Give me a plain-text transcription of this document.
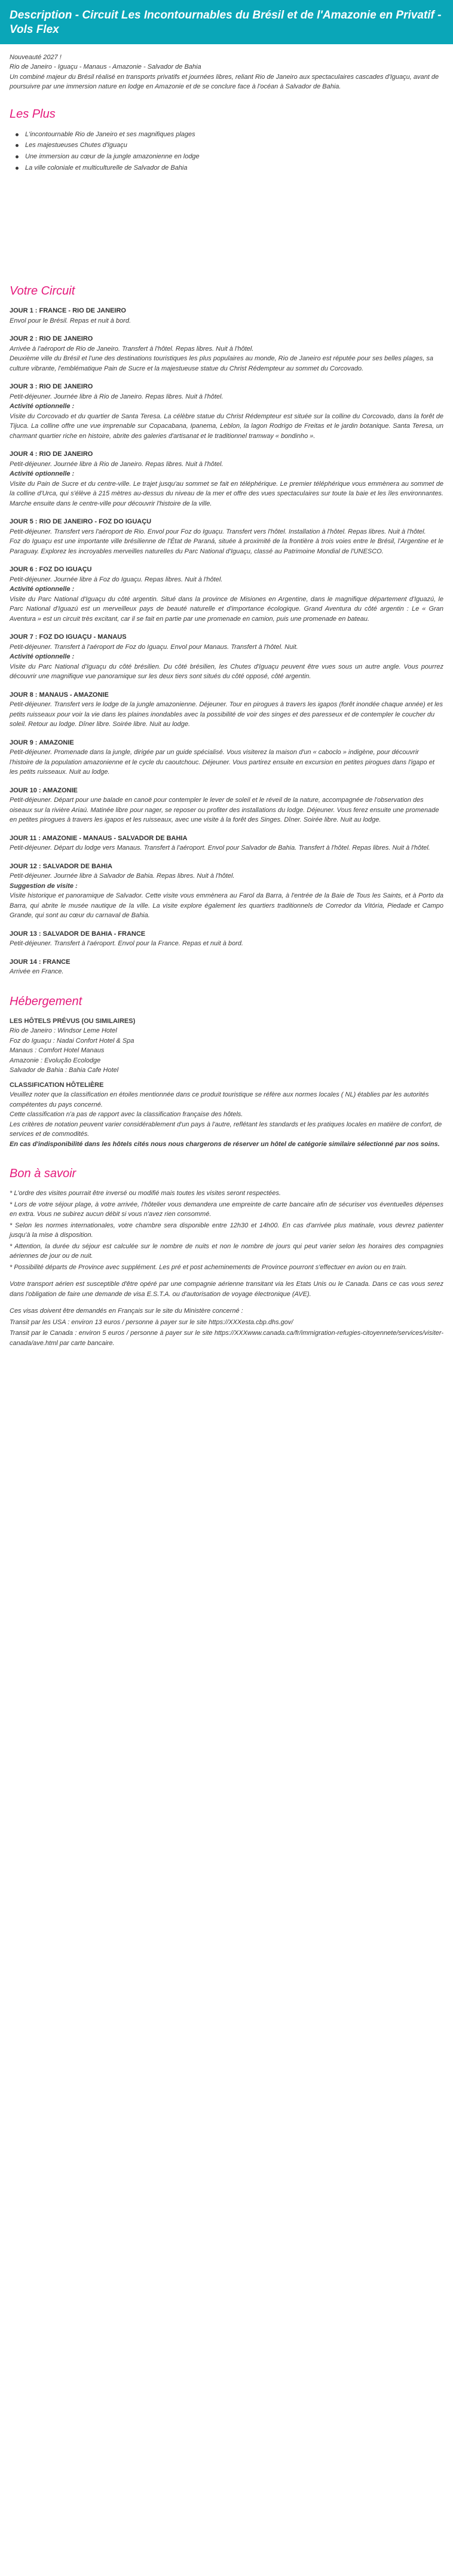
Description - Circuit Les Incontournables du Brésil et de l'Amazonie en Privatif - Vols Flex

Nouveauté 2027 !

Rio de Janeiro - Iguaçu - Manaus - Amazonie - Salvador de Bahia

Un combiné majeur du Brésil réalisé en transports privatifs et journées libres, reliant Rio de Janeiro aux spectaculaires cascades d'Iguaçu, avant de poursuivre par une immersion nature en lodge en Amazonie et de se conclure face à l'océan à Salvador de Bahia.

Les Plus
L'incontournable Rio de Janeiro et ses magnifiques plages
Les majestueuses Chutes d'Iguaçu
Une immersion au cœur de la jungle amazonienne en lodge
La ville coloniale et multiculturelle de Salvador de Bahia
Votre Circuit

JOUR 1 : FRANCE - RIO DE JANEIRO

Envol pour le Brésil. Repas et nuit à bord.

JOUR 2 : RIO DE JANEIRO

Arrivée à l'aéroport de Rio de Janeiro. Transfert à l'hôtel. Repas libres. Nuit à l'hôtel.

Deuxième ville du Brésil et l'une des destinations touristiques les plus populaires au monde, Rio de Janeiro est réputée pour ses belles plages, sa culture vibrante, l'emblématique Pain de Sucre et la majestueuse statue du Christ Rédempteur au sommet du Corcovado.

JOUR 3 : RIO DE JANEIRO

Petit-déjeuner. Journée libre à Rio de Janeiro. Repas libres. Nuit à l'hôtel.

Activité optionnelle :

Visite du Corcovado et du quartier de Santa Teresa. La célèbre statue du Christ Rédempteur est située sur la colline du Corcovado, dans la forêt de Tijuca. La colline offre une vue imprenable sur Copacabana, Ipanema, Leblon, la lagon Rodrigo de Freitas et le jardin botanique. Santa Teresa, un charmant quartier riche en histoire, abrite des galeries d'artisanat et le traditionnel tramway « bondinho ».

JOUR 4 : RIO DE JANEIRO

Petit-déjeuner. Journée libre à Rio de Janeiro. Repas libres. Nuit à l'hôtel.

Activité optionnelle :

Visite du Pain de Sucre et du centre-ville. Le trajet jusqu'au sommet se fait en téléphérique. Le premier téléphérique vous emmènera au sommet de la colline d'Urca, qui s'élève à 215 mètres au-dessus du niveau de la mer et offre des vues spectaculaires sur toute la baie et les îles environnantes. Marche ensuite dans le centre-ville pour découvrir l'histoire de la ville.

JOUR 5 : RIO DE JANEIRO - FOZ DO IGUAÇU

Petit-déjeuner. Transfert vers l'aéroport de Rio. Envol pour Foz do Iguaçu. Transfert vers l'hôtel. Installation à l'hôtel. Repas libres. Nuit à l'hôtel.

Foz do Iguaçu est une importante ville brésilienne de l'État de Paraná, située à proximité de la frontière à trois voies entre le Brésil, l'Argentine et le Paraguay. Explorez les incroyables merveilles naturelles du Parc National d'Iguaçu, classé au Patrimoine Mondial de l'UNESCO.

JOUR 6 : FOZ DO IGUAÇU

Petit-déjeuner. Journée libre à Foz do Iguaçu. Repas libres. Nuit à l'hôtel.

Activité optionnelle :

Visite du Parc National d'Iguaçu du côté argentin. Situé dans la province de Misiones en Argentine, dans le magnifique département d'Iguazú, le Parc National d'Iguazú est un merveilleux pays de beauté naturelle et d'importance écologique. Grand Aventura du côté argentin : Le « Gran Aventura » est un circuit très excitant, car il se fait en partie par une promenade en camion, puis une promenade en bateau.

JOUR 7 : FOZ DO IGUAÇU - MANAUS

Petit-déjeuner. Transfert à l'aéroport de Foz do Iguaçu. Envol pour Manaus. Transfert à l'hôtel. Nuit.

Activité optionnelle :

Visite du Parc National d'Iguaçu du côté brésilien. Du côté brésilien, les Chutes d'Iguaçu peuvent être vues sous un autre angle. Vous pourrez découvrir une magnifique vue panoramique sur les deux tiers sont situés du côté opposé, côté argentin.

JOUR 8 : MANAUS - AMAZONIE

Petit-déjeuner. Transfert vers le lodge de la jungle amazonienne. Déjeuner. Tour en pirogues à travers les igapos (forêt inondée chaque année) et les petits ruisseaux pour voir la vie dans les plaines inondables avec la possibilité de voir des singes et des paresseux et de contempler le coucher du soleil. Retour au lodge. Dîner libre. Soirée libre. Nuit au lodge.

JOUR 9 : AMAZONIE

Petit-déjeuner. Promenade dans la jungle, dirigée par un guide spécialisé. Vous visiterez la maison d'un « caboclo » indigène, pour découvrir l'histoire de la population amazonienne et le cycle du caoutchouc. Déjeuner. Vous partirez ensuite en excursion en petites pirogues dans l'igapo et les petits ruisseaux. Nuit au lodge.

JOUR 10 : AMAZONIE

Petit-déjeuner. Départ pour une balade en canoë pour contempler le lever de soleil et le réveil de la nature, accompagnée de l'observation des oiseaux sur la rivière Ariaú. Matinée libre pour nager, se reposer ou profiter des installations du lodge. Déjeuner. Vous ferez ensuite une promenade en petites pirogues à travers les igapos et les ruisseaux, avec une visite à la forêt des Singes. Dîner. Soirée libre. Nuit au lodge.

JOUR 11 : AMAZONIE - MANAUS - SALVADOR DE BAHIA

Petit-déjeuner. Départ du lodge vers Manaus. Transfert à l'aéroport. Envol pour Salvador de Bahia. Transfert à l'hôtel. Repas libres. Nuit à l'hôtel.

JOUR 12 : SALVADOR DE BAHIA

Petit-déjeuner. Journée libre à Salvador de Bahia. Repas libres. Nuit à l'hôtel.

Suggestion de visite :

Visite historique et panoramique de Salvador. Cette visite vous emmènera au Farol da Barra, à l'entrée de la Baie de Tous les Saints, et à Porto da Barra, qui abrite le musée nautique de la ville. La visite explore également les quartiers traditionnels de Corredor da Vitória, Piedade et Campo Grande, qui sont au cœur du carnaval de Bahia.

JOUR 13 : SALVADOR DE BAHIA - FRANCE

Petit-déjeuner. Transfert à l'aéroport. Envol pour la France. Repas et nuit à bord.

JOUR 14 : FRANCE

Arrivée en France.

Hébergement

LES HÔTELS PRÉVUS (OU SIMILAIRES)

Rio de Janeiro : Windsor Leme Hotel

Foz do Iguaçu : Nadai Confort Hotel & Spa

Manaus : Comfort Hotel Manaus

Amazonie : Evolução Ecolodge

Salvador de Bahia : Bahia Cafe Hotel

CLASSIFICATION HÔTELIÈRE

Veuillez noter que la classification en étoiles mentionnée dans ce produit touristique se réfère aux normes locales ( NL) établies par les autorités compétentes du pays concerné.

Cette classification n'a pas de rapport avec la classification française des hôtels.

Les critères de notation peuvent varier considérablement d'un pays à l'autre, reflétant les standards et les pratiques locales en matière de confort, de services et de commodités.

En cas d'indisponibilité dans les hôtels cités nous nous chargerons de réserver un hôtel de catégorie similaire sélectionné par nos soins.

Bon à savoir

* L'ordre des visites pourrait être inversé ou modifié mais toutes les visites seront respectées.

* Lors de votre séjour plage, à votre arrivée, l'hôtelier vous demandera une empreinte de carte bancaire afin de sécuriser vos éventuelles dépenses en extra. Vous ne subirez aucun débit si vous n'avez rien consommé.

* Selon les normes internationales, votre chambre sera disponible entre 12h30 et 14h00. En cas d'arrivée plus matinale, vous devrez patienter jusqu'à la mise à disposition.

* Attention, la durée du séjour est calculée sur le nombre de nuits et non le nombre de jours qui peut varier selon les horaires des compagnies aériennes de jour ou de nuit.

* Possibilité départs de Province avec supplément. Les pré et post acheminements de Province pourront s'effectuer en avion ou en train.

Votre transport aérien est susceptible d'être opéré par une compagnie aérienne transitant via les Etats Unis ou le Canada. Dans ce cas vous serez dans l'obligation de faire une demande de visa E.S.T.A. ou d'autorisation de voyage électronique (AVE).

Ces visas doivent être demandés en Français sur le site du Ministère concerné :

Transit par les USA : environ 13 euros / personne à payer sur le site https://XXXesta.cbp.dhs.gov/

Transit par le Canada : environ 5 euros / personne à payer sur le site https://XXXwww.canada.ca/fr/immigration-refugies-citoyennete/services/visiter-canada/ave.html par carte bancaire.
